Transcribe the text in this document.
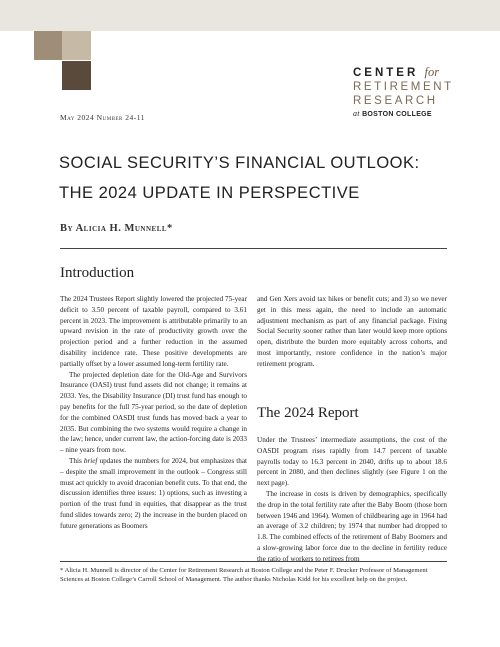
CENTER for
RETIREMENT
RESEARCH
at BOSTON COLLEGE
May 2024 Number 24-11
SOCIAL SECURITY’S FINANCIAL OUTLOOK:
THE 2024 UPDATE IN PERSPECTIVE
By Alicia H. Munnell*
Introduction

The 2024 Trustees Report slightly lowered the projected 75-year deficit to 3.50 percent of taxable payroll, compared to 3.61 percent in 2023. The improvement is attributable primarily to an upward revision in the rate of productivity growth over the projection period and a further reduction in the assumed disability incidence rate. These positive developments are partially offset by a lower assumed long-term fertility rate.

The projected depletion date for the Old-Age and Survivors Insurance (OASI) trust fund assets did not change; it remains at 2033. Yes, the Disability Insurance (DI) trust fund has enough to pay benefits for the full 75-year period, so the date of depletion for the combined OASDI trust funds has moved back a year to 2035. But combining the two systems would require a change in the law; hence, under current law, the action-forcing date is 2033 – nine years from now.

This brief updates the numbers for 2024, but emphasizes that – despite the small improvement in the outlook – Congress still must act quickly to avoid draconian benefit cuts. To that end, the discussion identifies three issues: 1) options, such as investing a portion of the trust fund in equities, that disappear as the trust fund slides towards zero; 2) the increase in the burden placed on future generations as Boomers

and Gen Xers avoid tax hikes or benefit cuts; and 3) so we never get in this mess again, the need to include an automatic adjustment mechanism as part of any financial package. Fixing Social Security sooner rather than later would keep more options open, distribute the burden more equitably across cohorts, and most importantly, restore confidence in the nation’s major retirement program.

The 2024 Report

Under the Trustees’ intermediate assumptions, the cost of the OASDI program rises rapidly from 14.7 percent of taxable payrolls today to 16.3 percent in 2040, drifts up to about 18.6 percent in 2080, and then declines slightly (see Figure 1 on the next page).

The increase in costs is driven by demographics, specifically the drop in the total fertility rate after the Baby Boom (those born between 1946 and 1964). Women of childbearing age in 1964 had an average of 3.2 children; by 1974 that number had dropped to 1.8. The combined effects of the retirement of Baby Boomers and a slow-growing labor force due to the decline in fertility reduce the ratio of workers to retirees from

* Alicia H. Munnell is director of the Center for Retirement Research at Boston College and the Peter F. Drucker Professor of Management Sciences at Boston College’s Carroll School of Management. The author thanks Nicholas Kidd for his excellent help on the project.
